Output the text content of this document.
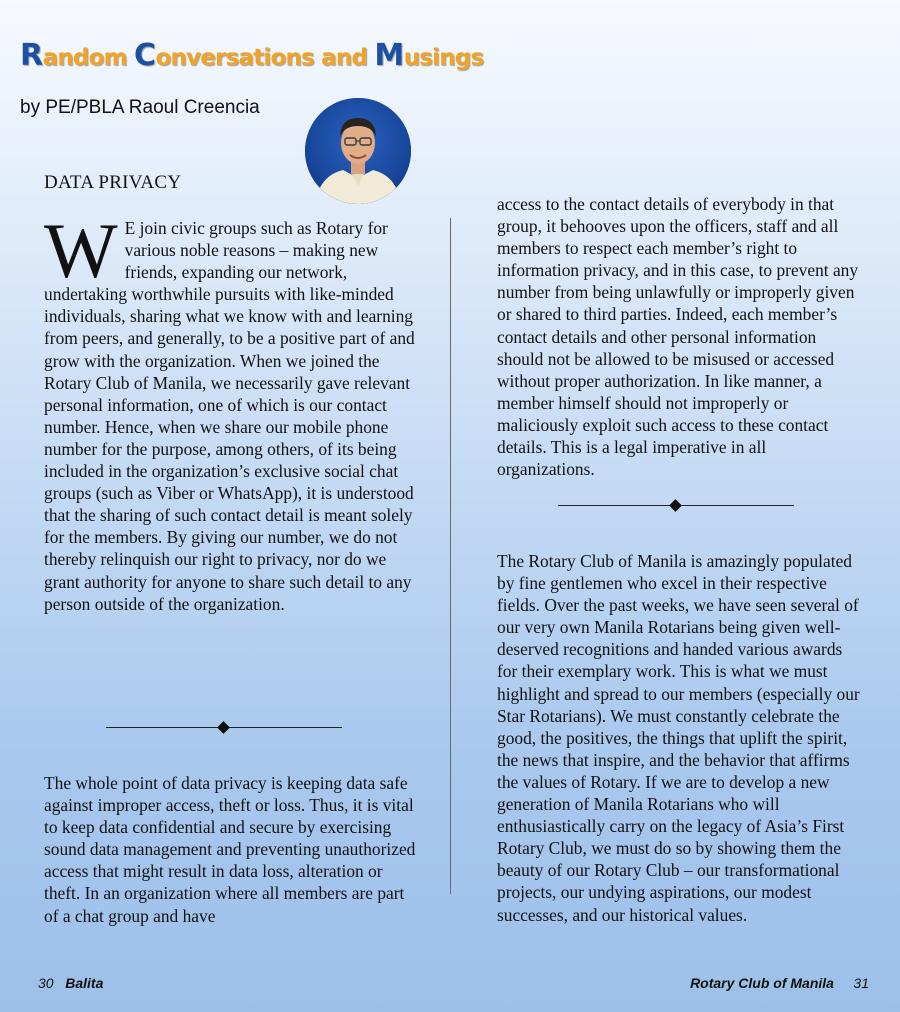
Random Conversations and Musings
by PE/PBLA Raoul Creencia
DATA PRIVACY

W E join civic groups such as Rotary for various noble reasons – making new friends, expanding our network, undertaking worthwhile pursuits with like-minded individuals, sharing what we know with and learning from peers, and generally, to be a positive part of and grow with the organization. When we joined the Rotary Club of Manila, we necessarily gave relevant personal information, one of which is our contact number. Hence, when we share our mobile phone number for the purpose, among others, of its being included in the organization’s exclusive social chat groups (such as Viber or WhatsApp), it is understood that the sharing of such contact detail is meant solely for the members. By giving our number, we do not thereby relinquish our right to privacy, nor do we grant authority for anyone to share such detail to any person outside of the organization.

The whole point of data privacy is keeping data safe against improper access, theft or loss. Thus, it is vital to keep data confidential and secure by exercising sound data management and preventing unauthorized access that might result in data loss, alteration or theft. In an organization where all members are part of a chat group and have

access to the contact details of everybody in that group, it behooves upon the officers, staff and all members to respect each member’s right to information privacy, and in this case, to prevent any number from being unlawfully or improperly given or shared to third parties. Indeed, each member’s contact details and other personal information should not be allowed to be misused or accessed without proper authorization. In like manner, a member himself should not improperly or maliciously exploit such access to these contact details. This is a legal imperative in all organizations.

The Rotary Club of Manila is amazingly populated by fine gentlemen who excel in their respective fields. Over the past weeks, we have seen several of our very own Manila Rotarians being given well-deserved recognitions and handed various awards for their exemplary work. This is what we must highlight and spread to our members (especially our Star Rotarians). We must constantly celebrate the good, the positives, the things that uplift the spirit, the news that inspire, and the behavior that affirms the values of Rotary. If we are to develop a new generation of Manila Rotarians who will enthusiastically carry on the legacy of Asia’s First Rotary Club, we must do so by showing them the beauty of our Rotary Club – our transformational projects, our undying aspirations, our modest successes, and our historical values.

30 Balita	Rotary Club of Manila 31
